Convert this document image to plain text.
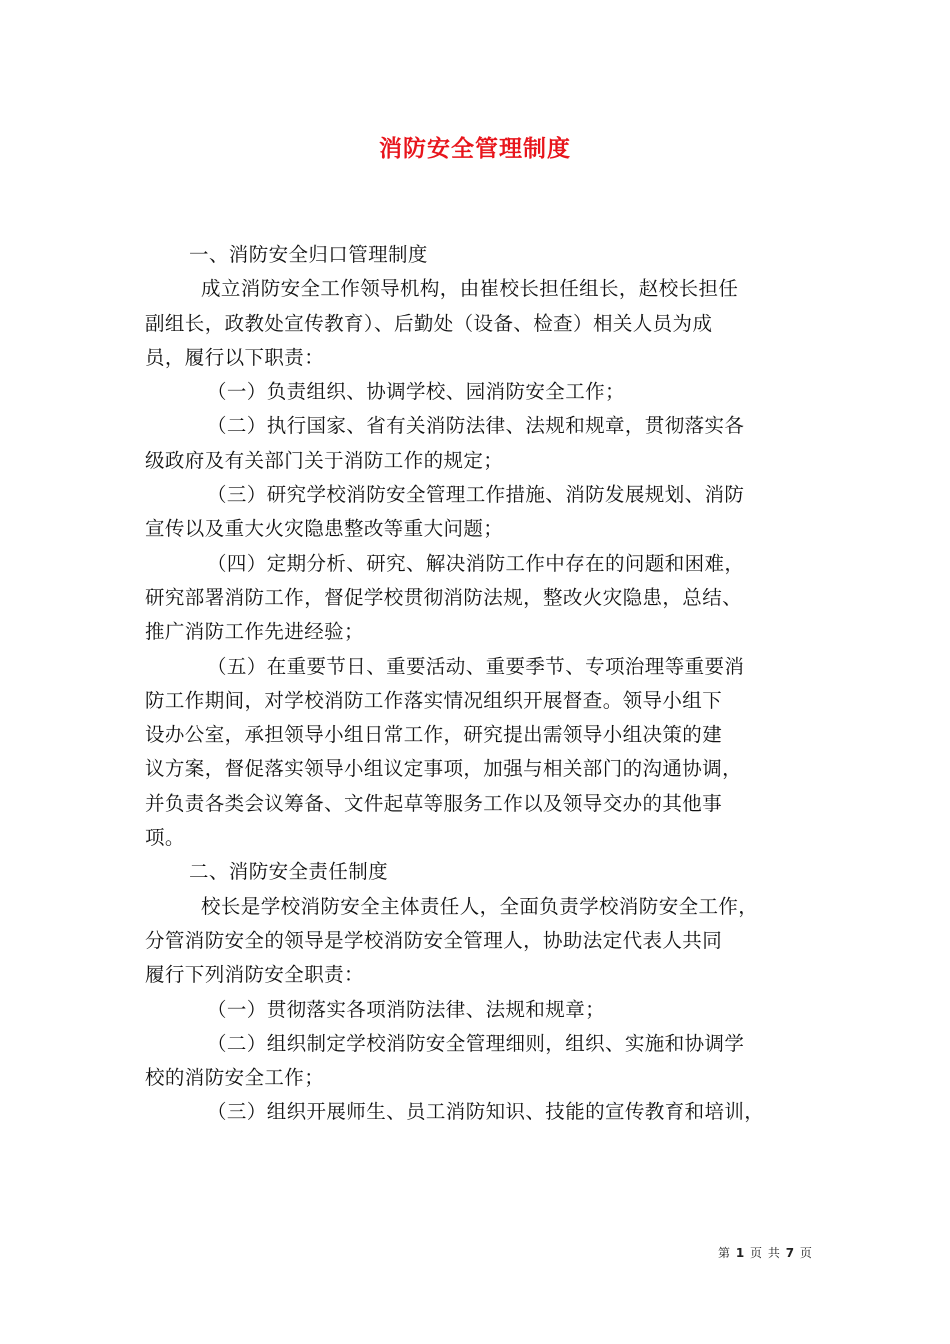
消防安全管理制度
一、消防安全归口管理制度
成立消防安全工作领导机构，由崔校长担任组长，赵校长担任
副组长，政教处宣传教育）、后勤处（设备、检查）相关人员为成
员，履行以下职责：
（一）负责组织、协调学校、园消防安全工作；
（二）执行国家、省有关消防法律、法规和规章，贯彻落实各
级政府及有关部门关于消防工作的规定；
（三）研究学校消防安全管理工作措施、消防发展规划、消防
宣传以及重大火灾隐患整改等重大问题；
（四）定期分析、研究、解决消防工作中存在的问题和困难，
研究部署消防工作，督促学校贯彻消防法规，整改火灾隐患，总结、
推广消防工作先进经验；
（五）在重要节日、重要活动、重要季节、专项治理等重要消
防工作期间，对学校消防工作落实情况组织开展督查。领导小组下
设办公室，承担领导小组日常工作，研究提出需领导小组决策的建
议方案，督促落实领导小组议定事项，加强与相关部门的沟通协调，
并负责各类会议筹备、文件起草等服务工作以及领导交办的其他事
项。
二、消防安全责任制度
校长是学校消防安全主体责任人，全面负责学校消防安全工作，
分管消防安全的领导是学校消防安全管理人，协助法定代表人共同
履行下列消防安全职责：
（一）贯彻落实各项消防法律、法规和规章；
（二）组织制定学校消防安全管理细则，组织、实施和协调学
校的消防安全工作；
（三）组织开展师生、员工消防知识、技能的宣传教育和培训，
第 1 页 共 7 页
